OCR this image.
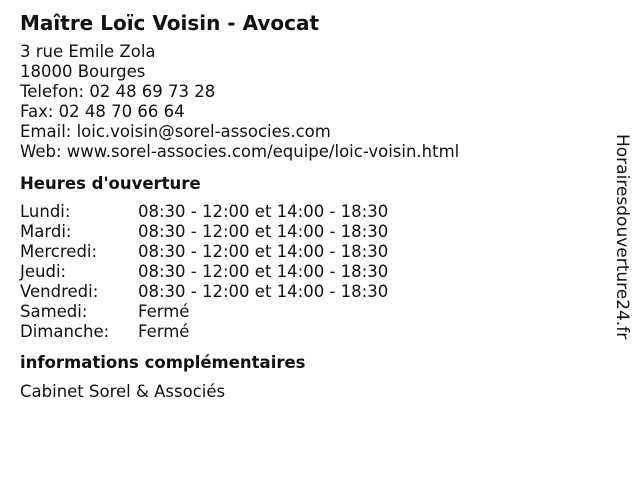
Maître Loïc Voisin - Avocat
3 rue Emile Zola
18000 Bourges
Telefon: 02 48 69 73 28
Fax: 02 48 70 66 64
Email: loic.voisin@sorel-associes.com
Web: www.sorel-associes.com/equipe/loic-voisin.html
Heures d'ouverture
Lundi:	08:30 - 12:00 et 14:00 - 18:30
Mardi:	08:30 - 12:00 et 14:00 - 18:30
Mercredi:	08:30 - 12:00 et 14:00 - 18:30
Jeudi:	08:30 - 12:00 et 14:00 - 18:30
Vendredi:	08:30 - 12:00 et 14:00 - 18:30
Samedi:	Fermé
Dimanche:	Fermé
informations complémentaires
Cabinet Sorel & Associés
Horairesdouverture24.fr
